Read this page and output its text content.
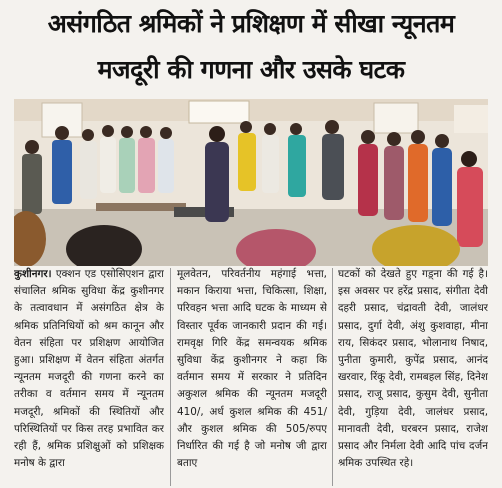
असंगठित श्रमिकों ने प्रशिक्षण में सीखा न्यूनतम
मजदूरी की गणना और उसके घटक
कुशीनगर। एक्शन एड एसोसिएशन द्वारा संचालित श्रमिक सुविधा केंद्र कुशीनगर के तत्वावधान में असंगठित क्षेत्र के श्रमिक प्रतिनिधियों को श्रम कानून और वेतन संहिता पर प्रशिक्षण आयोजित हुआ। प्रशिक्षण में वेतन संहिता अंतर्गत न्यूनतम मजदूरी की गणना करने का तरीका व वर्तमान समय में न्यूनतम मजदूरी, श्रमिकों की स्थितियों और परिस्थितियों पर किस तरह प्रभावित कर रही हैं, श्रमिक प्रशिक्षुओं को प्रशिक्षक मनोष के द्वारा
मूलवेतन, परिवर्तनीय महंगाई भत्ता, मकान किराया भत्ता, चिकित्सा, शिक्षा, परिवहन भत्ता आदि घटक के माध्यम से विस्तार पूर्वक जानकारी प्रदान की गई। रामवृक्ष गिरि केंद्र समन्वयक श्रमिक सुविधा केंद्र कुशीनगर ने कहा कि वर्तमान समय में सरकार ने प्रतिदिन अकुशल श्रमिक की न्यूनतम मजदूरी 410/, अर्ध कुशल श्रमिक की 451/ और कुशल श्रमिक की 505/रुपए निर्धारित की गई है जो मनोष जी द्वारा बताए
घटकों को देखते हुए गड़्ना की गई है। इस अवसर पर हरेंद्र प्रसाद, संगीता देवी दहरी प्रसाद, चंद्रावती देवी, जालंधर प्रसाद, दुर्गा देवी, अंशु कुशवाहा, मीना राय, सिकंदर प्रसाद, भोलानाथ निषाद, पुनीता कुमारी, कुपेंद्र प्रसाद, आनंद खरवार, रिंकू देवी, रामबहल सिंह, दिनेश प्रसाद, राजू प्रसाद, कुसुम देवी, सुनीता देवी, गुड़िया देवी, जालंधर प्रसाद, मानावती देवी, घरबरन प्रसाद, राजेश प्रसाद और निर्मला देवी आदि पांच दर्जन श्रमिक उपस्थित रहे।
